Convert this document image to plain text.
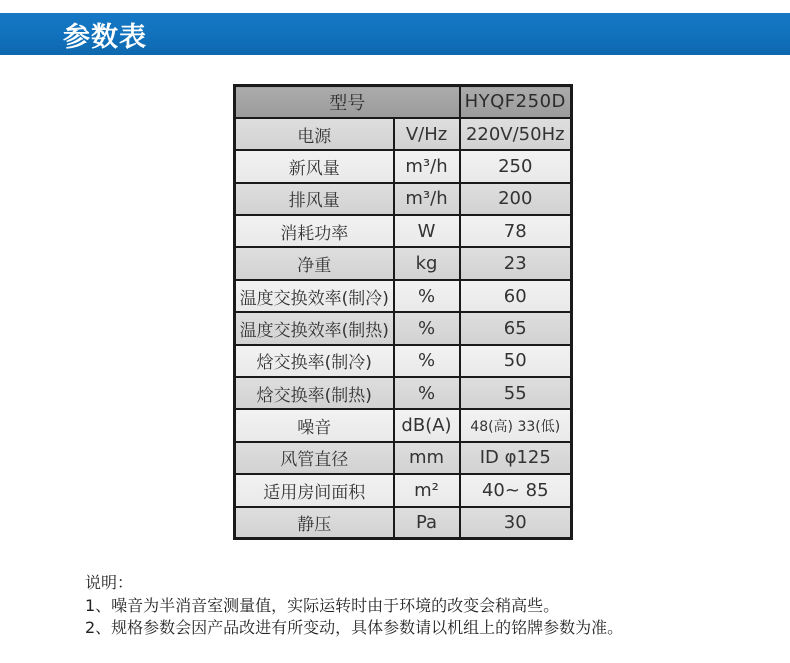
参数表
型号		HYQF250D
电源	V/Hz	220V/50Hz
新风量	m³/h	250
排风量	m³/h	200
消耗功率	W	78
净重	kg	23
温度交换效率(制冷)	%	60
温度交换效率(制热)	%	65
焓交换率(制冷)	%	50
焓交换率(制热)	%	55
噪音	dB(A)	48(高) 33(低)
风管直径	mm	ID φ125
适用房间面积	m²	40~ 85
静压	Pa	30
说明：
1、噪音为半消音室测量值，实际运转时由于环境的改变会稍高些。
2、规格参数会因产品改进有所变动，具体参数请以机组上的铭牌参数为准。
